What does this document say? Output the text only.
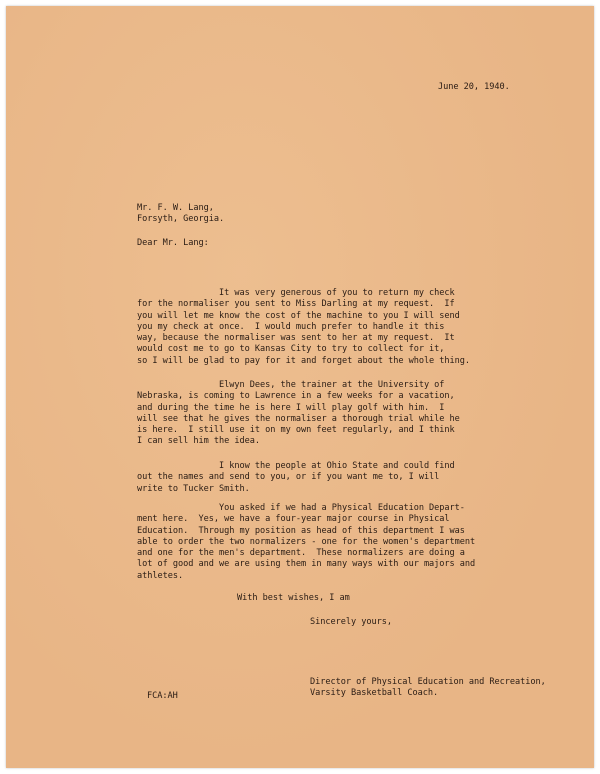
June 20, 1940.

Mr. F. W. Lang,
Forsyth, Georgia.

Dear Mr. Lang:

It was very generous of you to return my check
for the normaliser you sent to Miss Darling at my request.  If
you will let me know the cost of the machine to you I will send
you my check at once.  I would much prefer to handle it this
way, because the normaliser was sent to her at my request.  It
would cost me to go to Kansas City to try to collect for it,
so I will be glad to pay for it and forget about the whole thing.

Elwyn Dees, the trainer at the University of
Nebraska, is coming to Lawrence in a few weeks for a vacation,
and during the time he is here I will play golf with him.  I
will see that he gives the normaliser a thorough trial while he
is here.  I still use it on my own feet regularly, and I think
I can sell him the idea.

I know the people at Ohio State and could find
out the names and send to you, or if you want me to, I will
write to Tucker Smith.

You asked if we had a Physical Education Depart-
ment here.  Yes, we have a four-year major course in Physical
Education.  Through my position as head of this department I was
able to order the two normalizers - one for the women's department
and one for the men's department.  These normalizers are doing a
lot of good and we are using them in many ways with our majors and
athletes.

With best wishes, I am

Sincerely yours,

Director of Physical Education and Recreation,
Varsity Basketball Coach.

FCA:AH
